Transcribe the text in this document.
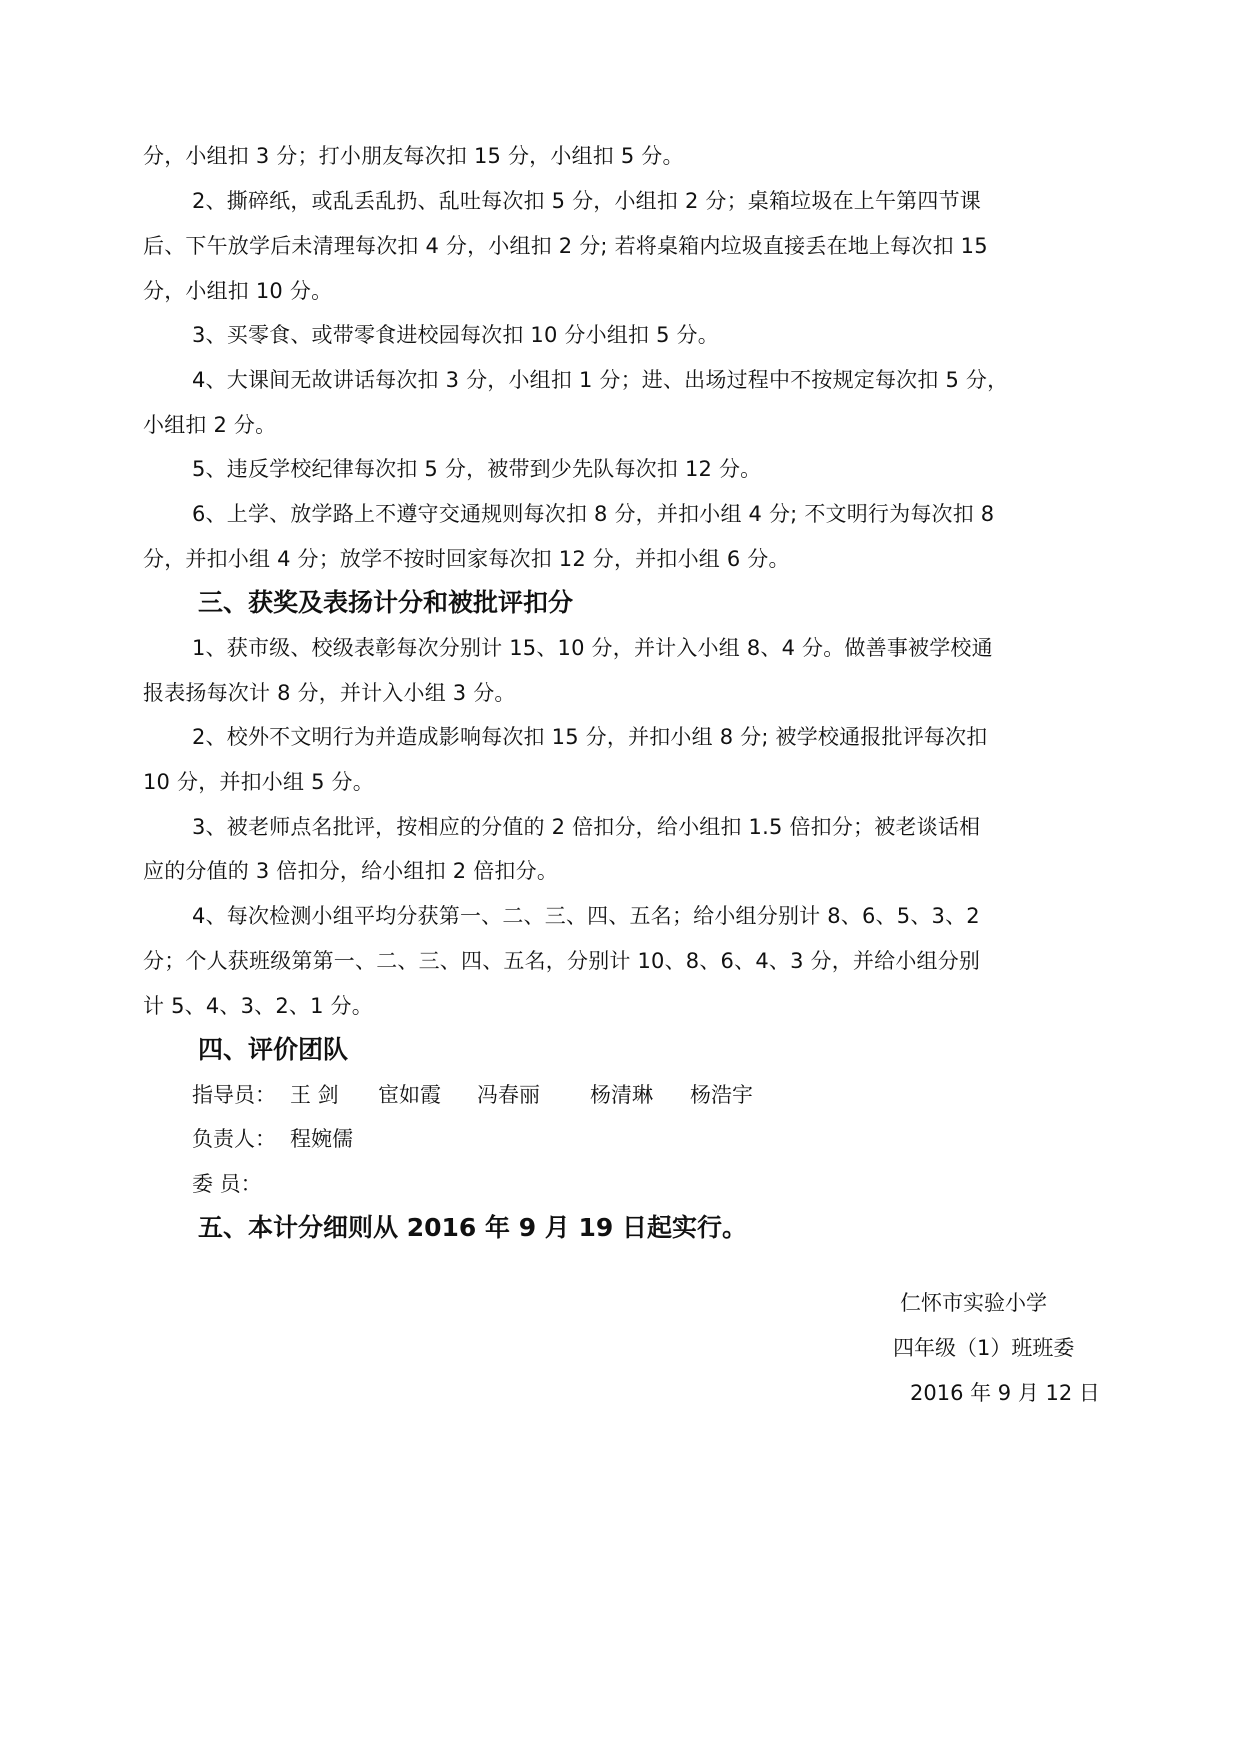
分，小组扣 3 分；打小朋友每次扣 15 分，小组扣 5 分。
2、撕碎纸，或乱丢乱扔、乱吐每次扣 5 分，小组扣 2 分；桌箱垃圾在上午第四节课
后、下午放学后未清理每次扣 4 分，小组扣 2 分; 若将桌箱内垃圾直接丢在地上每次扣 15
分，小组扣 10 分。
3、买零食、或带零食进校园每次扣 10 分小组扣 5 分。
4、大课间无故讲话每次扣 3 分，小组扣 1 分；进、出场过程中不按规定每次扣 5 分，
小组扣 2 分。
5、违反学校纪律每次扣 5 分，被带到少先队每次扣 12 分。
6、上学、放学路上不遵守交通规则每次扣 8 分，并扣小组 4 分; 不文明行为每次扣 8
分，并扣小组 4 分；放学不按时回家每次扣 12 分，并扣小组 6 分。
三、获奖及表扬计分和被批评扣分
1、获市级、校级表彰每次分别计 15、10 分，并计入小组 8、4 分。做善事被学校通
报表扬每次计 8 分，并计入小组 3 分。
2、校外不文明行为并造成影响每次扣 15 分，并扣小组 8 分; 被学校通报批评每次扣
10 分，并扣小组 5 分。
3、被老师点名批评，按相应的分值的 2 倍扣分，给小组扣 1.5 倍扣分；被老谈话相
应的分值的 3 倍扣分，给小组扣 2 倍扣分。
4、每次检测小组平均分获第一、二、三、四、五名；给小组分别计 8、6、5、3、2
分；个人获班级第第一、二、三、四、五名，分别计 10、8、6、4、3 分，并给小组分别
计 5、4、3、2、1 分。
四、评价团队
指导员： 王 剑 宦如霞 冯春丽 杨清琳 杨浩宇
负责人： 程婉儒
委 员：
五、本计分细则从 2016 年 9 月 19 日起实行。
仁怀市实验小学
四年级（1）班班委
2016 年 9 月 12 日
